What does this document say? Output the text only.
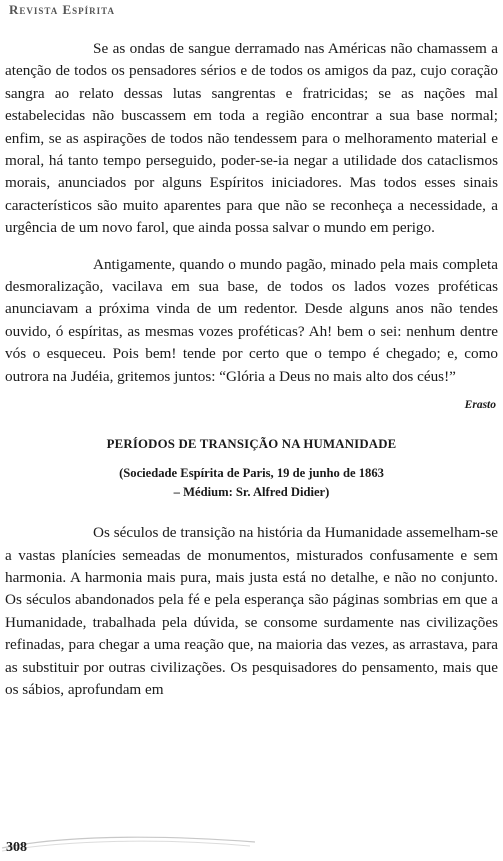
Revista Espírita

Se as ondas de sangue derramado nas Américas não chamassem a atenção de todos os pensadores sérios e de todos os amigos da paz, cujo coração sangra ao relato dessas lutas sangrentas e fratricidas; se as nações mal estabelecidas não buscassem em toda a região encontrar a sua base normal; enfim, se as aspirações de todos não tendessem para o melhoramento material e moral, há tanto tempo perseguido, poder-se-ia negar a utilidade dos cataclismos morais, anunciados por alguns Espíritos iniciadores. Mas todos esses sinais característicos são muito aparentes para que não se reconheça a necessidade, a urgência de um novo farol, que ainda possa salvar o mundo em perigo.

Antigamente, quando o mundo pagão, minado pela mais completa desmoralização, vacilava em sua base, de todos os lados vozes proféticas anunciavam a próxima vinda de um redentor. Desde alguns anos não tendes ouvido, ó espíritas, as mesmas vozes proféticas? Ah! bem o sei: nenhum dentre vós o esqueceu. Pois bem! tende por certo que o tempo é chegado; e, como outrora na Judéia, gritemos juntos: “Glória a Deus no mais alto dos céus!”

Erasto
PERÍODOS DE TRANSIÇÃO NA HUMANIDADE
(Sociedade Espírita de Paris, 19 de junho de 1863
– Médium: Sr. Alfred Didier)

Os séculos de transição na história da Humanidade assemelham-se a vastas planícies semeadas de monumentos, misturados confusamente e sem harmonia. A harmonia mais pura, mais justa está no detalhe, e não no conjunto. Os séculos abandonados pela fé e pela esperança são páginas sombrias em que a Humanidade, trabalhada pela dúvida, se consome surdamente nas civilizações refinadas, para chegar a uma reação que, na maioria das vezes, as arrastava, para as substituir por outras civilizações. Os pesquisadores do pensamento, mais que os sábios, aprofundam em

308
